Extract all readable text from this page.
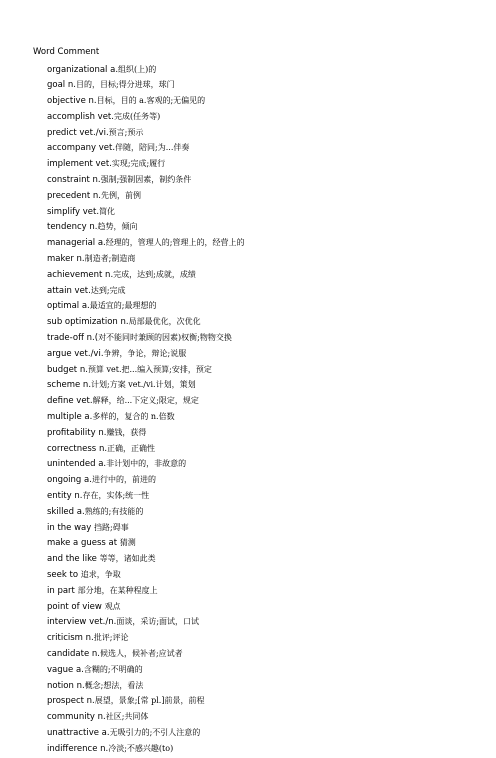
Word Comment
organizational a.组织(上)的
goal n.目的，目标;得分进球，球门
objective n.目标，目的 a.客观的;无偏见的
accomplish vet.完成(任务等)
predict vet./vi.预言;预示
accompany vet.伴随，陪同;为...伴奏
implement vet.实现;完成;履行
constraint n.强制;强制因素，制约条件
precedent n.先例，前例
simplify vet.简化
tendency n.趋势，倾向
managerial a.经理的，管理人的;管理上的，经营上的
maker n.制造者;制造商
achievement n.完成，达到;成就，成绩
attain vet.达到;完成
optimal a.最适宜的;最理想的
sub optimization n.局部最优化，次优化
trade-off n.(对不能同时兼顾的因素)权衡;物物交换
argue vet./vi.争辨，争论，辩论;说服
budget n.预算 vet.把...编入预算;安排，预定
scheme n.计划;方案 vet./vi.计划，策划
define vet.解释，给...下定义;限定，规定
multiple a.多样的，复合的 n.倍数
profitability n.赚钱，获得
correctness n.正确，正确性
unintended a.非计划中的，非故意的
ongoing a.进行中的，前进的
entity n.存在，实体;统一性
skilled a.熟练的;有技能的
in the way 挡路;碍事
make a guess at 猜测
and the like 等等，诸如此类
seek to 追求，争取
in part 部分地，在某种程度上
point of view 观点
interview vet./n.面谈，采访;面试，口试
criticism n.批评;评论
candidate n.候选人，候补者;应试者
vague a.含糊的;不明确的
notion n.概念;想法，看法
prospect n.展望，景象;[常 pl.]前景，前程
community n.社区;共同体
unattractive a.无吸引力的;不引人注意的
indifference n.冷淡;不感兴趣(to)
